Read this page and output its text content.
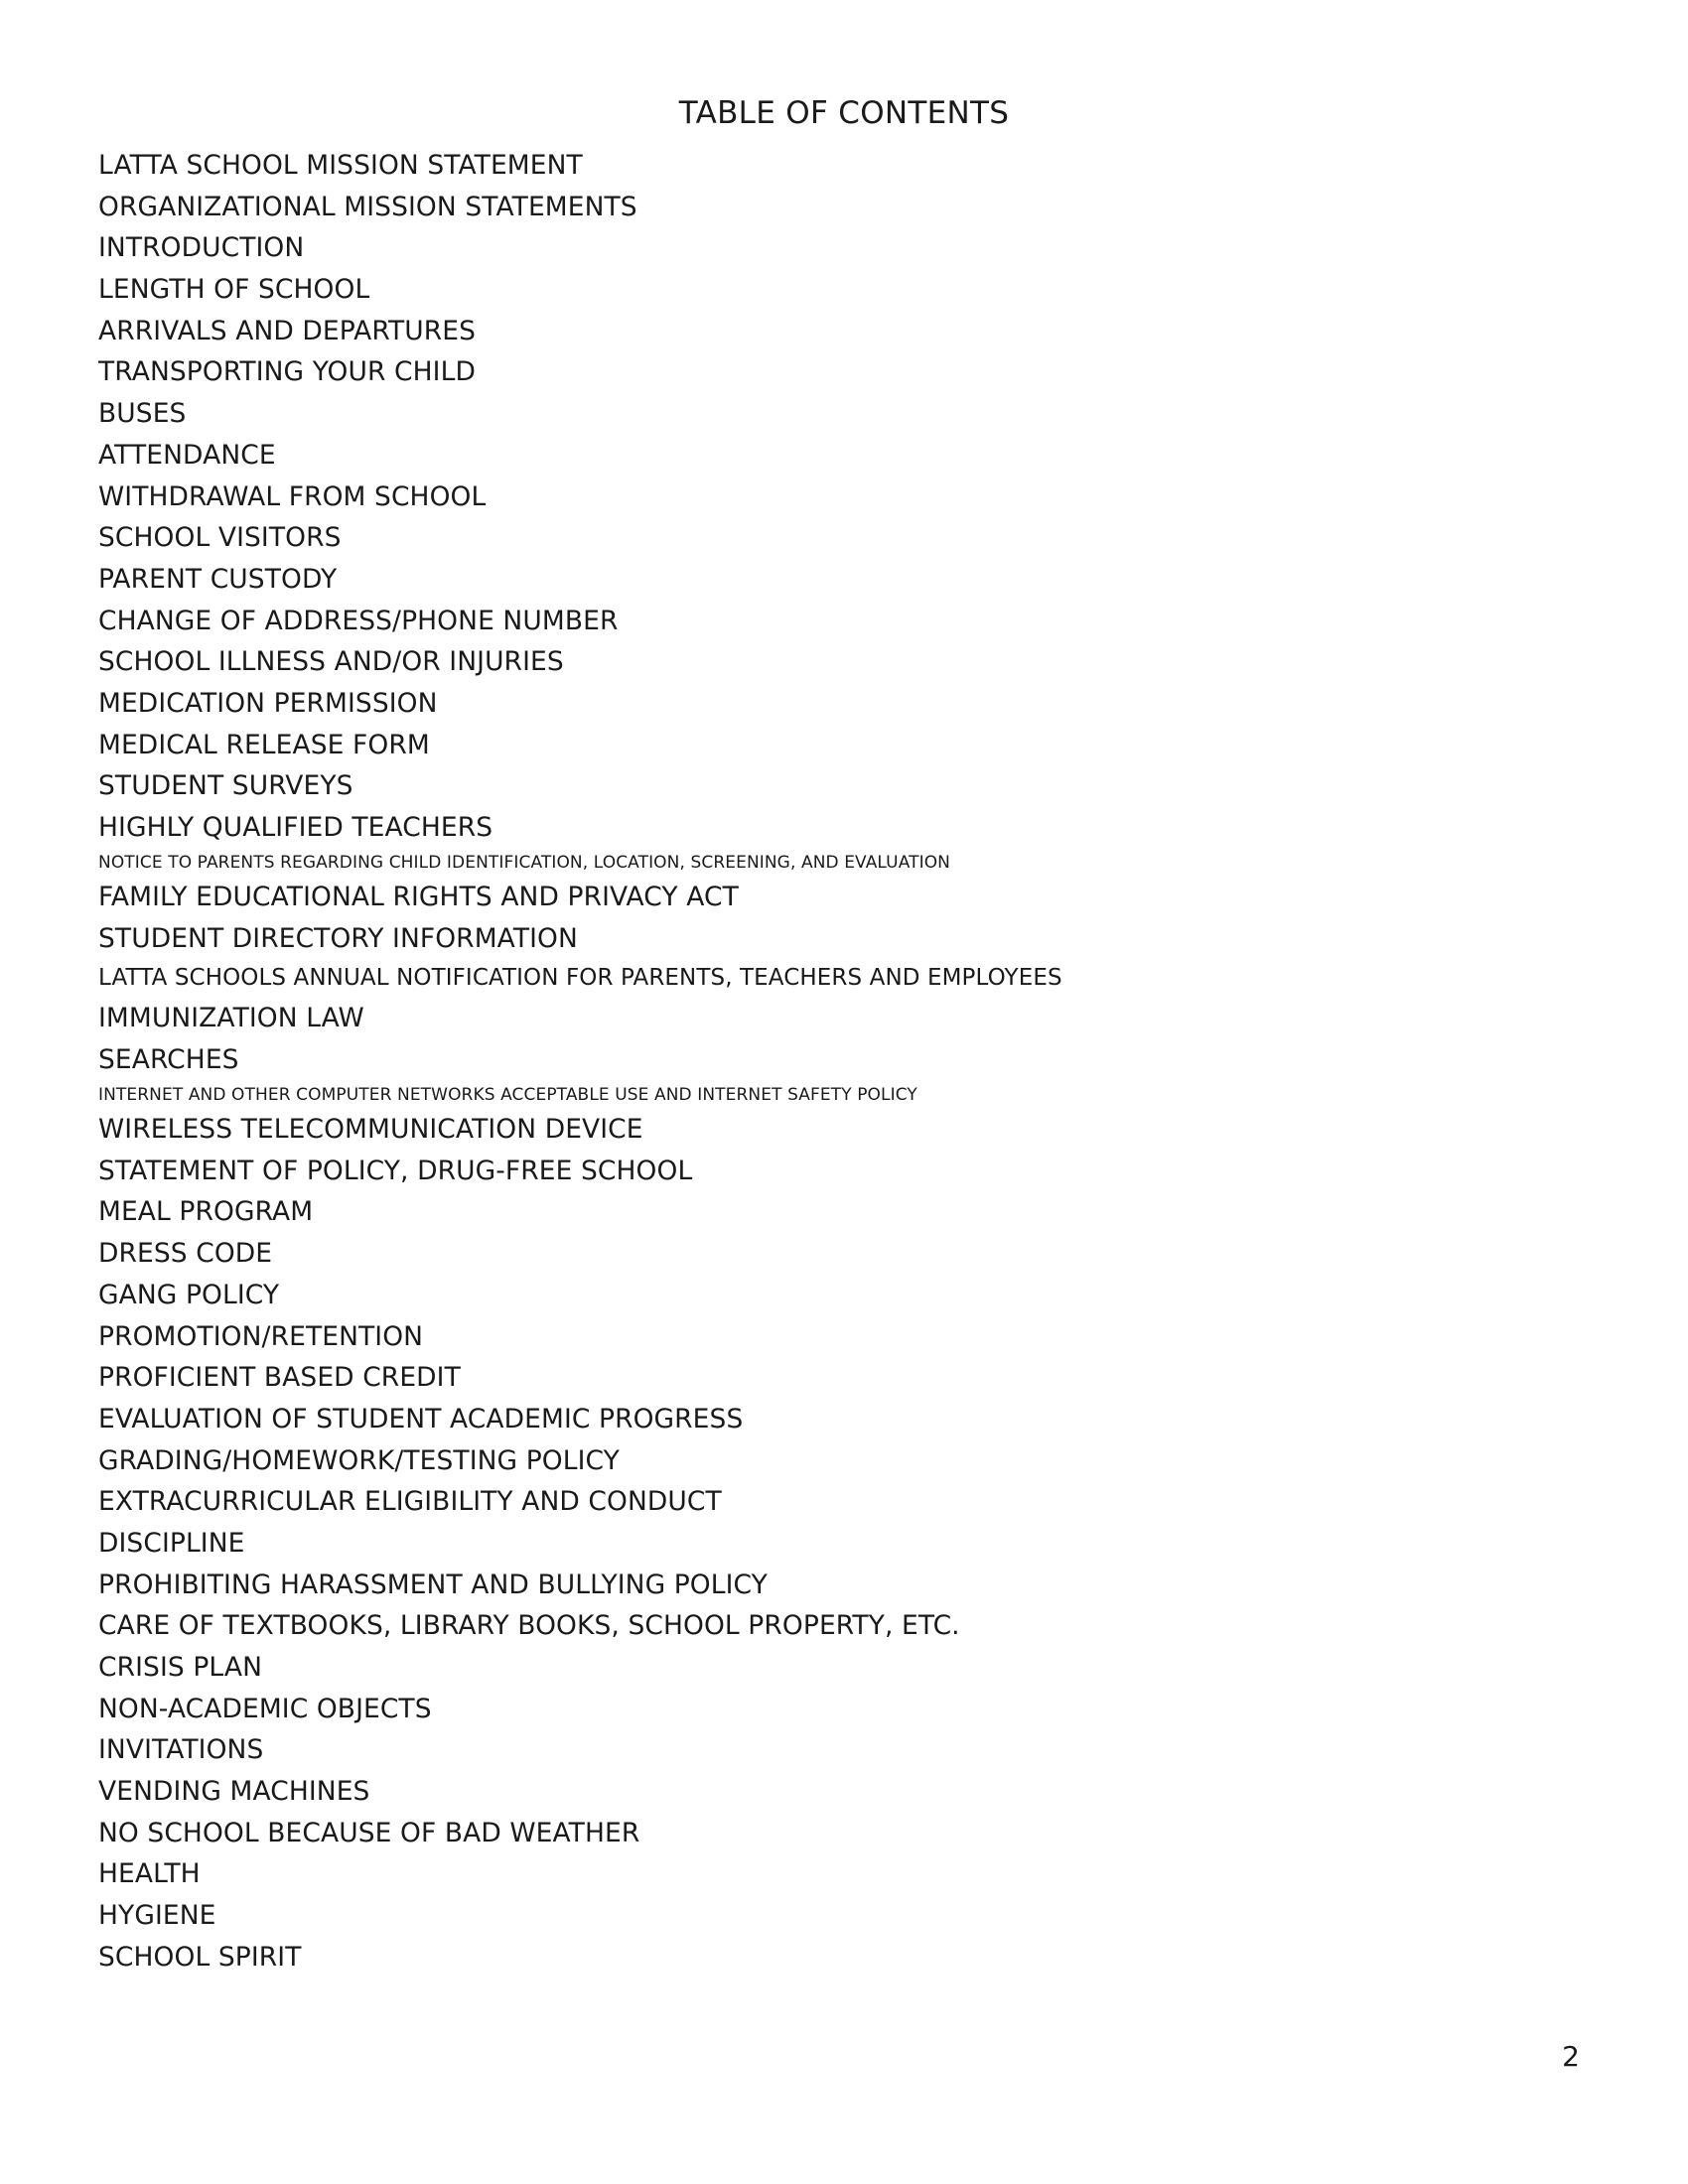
TABLE OF CONTENTS
LATTA SCHOOL MISSION STATEMENT
ORGANIZATIONAL MISSION STATEMENTS
INTRODUCTION
LENGTH OF SCHOOL
ARRIVALS AND DEPARTURES
TRANSPORTING YOUR CHILD
BUSES
ATTENDANCE
WITHDRAWAL FROM SCHOOL
SCHOOL VISITORS
PARENT CUSTODY
CHANGE OF ADDRESS/PHONE NUMBER
SCHOOL ILLNESS AND/OR INJURIES
MEDICATION PERMISSION
MEDICAL RELEASE FORM
STUDENT SURVEYS
HIGHLY QUALIFIED TEACHERS
NOTICE TO PARENTS REGARDING CHILD IDENTIFICATION, LOCATION, SCREENING, AND EVALUATION
FAMILY EDUCATIONAL RIGHTS AND PRIVACY ACT
STUDENT DIRECTORY INFORMATION
LATTA SCHOOLS ANNUAL NOTIFICATION FOR PARENTS, TEACHERS AND EMPLOYEES
IMMUNIZATION LAW
SEARCHES
INTERNET AND OTHER COMPUTER NETWORKS ACCEPTABLE USE AND INTERNET SAFETY POLICY
WIRELESS TELECOMMUNICATION DEVICE
STATEMENT OF POLICY, DRUG-FREE SCHOOL
MEAL PROGRAM
DRESS CODE
GANG POLICY
PROMOTION/RETENTION
PROFICIENT BASED CREDIT
EVALUATION OF STUDENT ACADEMIC PROGRESS
GRADING/HOMEWORK/TESTING POLICY
EXTRACURRICULAR ELIGIBILITY AND CONDUCT
DISCIPLINE
PROHIBITING HARASSMENT AND BULLYING POLICY
CARE OF TEXTBOOKS, LIBRARY BOOKS, SCHOOL PROPERTY, ETC.
CRISIS PLAN
NON-ACADEMIC OBJECTS
INVITATIONS
VENDING MACHINES
NO SCHOOL BECAUSE OF BAD WEATHER
HEALTH
HYGIENE
SCHOOL SPIRIT
2
